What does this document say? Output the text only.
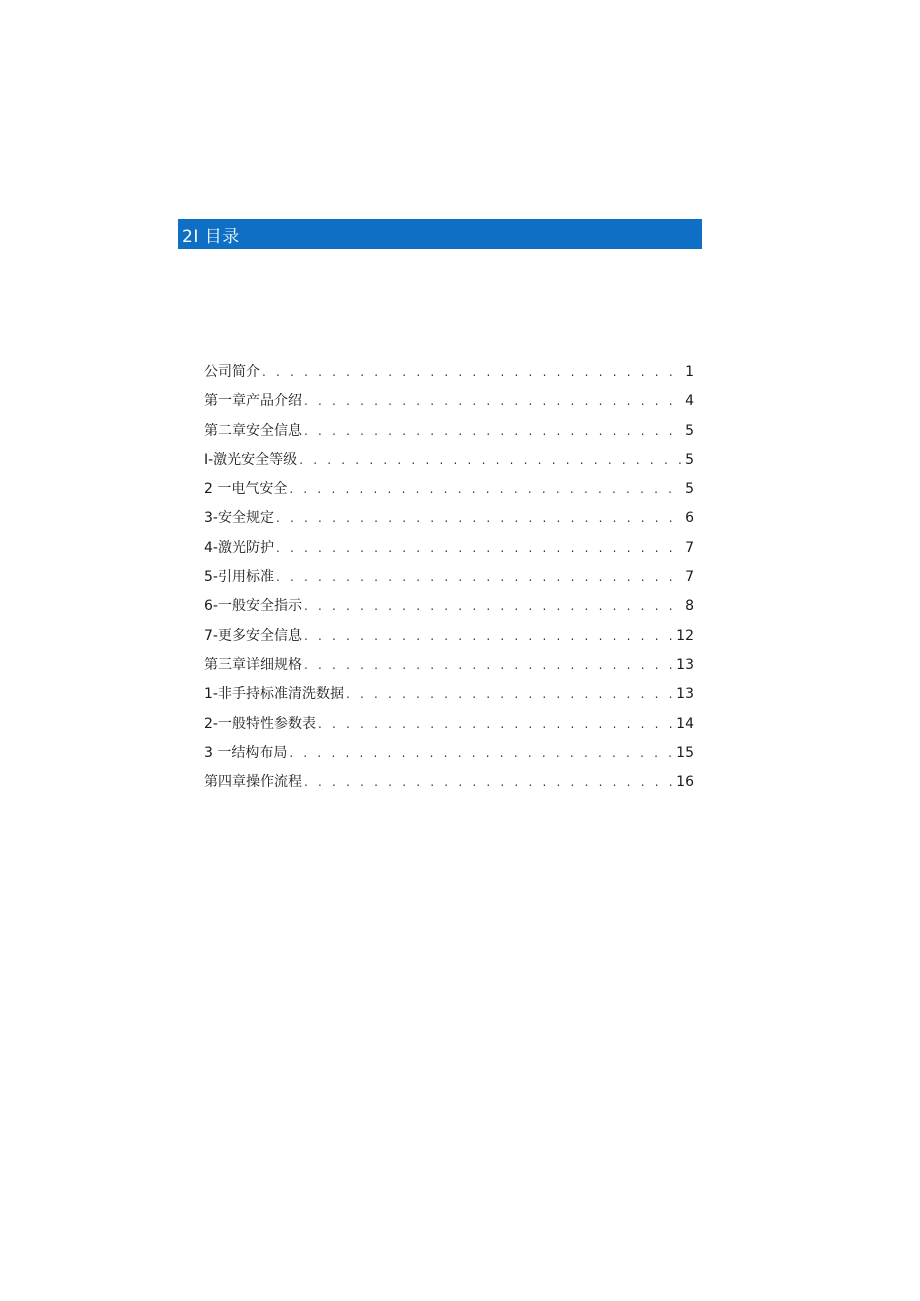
2I 目录
公司简介 . . .	1
第一章产品介绍 . . .	4
第二章安全信息 . . .	5
I-激光安全等级 . . .	5
2 一电气安全 . . .	5
3-安全规定 . . .	6
4-激光防护 . . .	7
5-引用标准 . . .	7
6-一般安全指示 . . .	8
7-更多安全信息 . . .	12
第三章详细规格 . . .	13
1-非手持标准清洗数据 . . .	13
2-一般特性参数表 . . .	14
3 一结构布局 . . .	15
第四章操作流程 . . .	16
